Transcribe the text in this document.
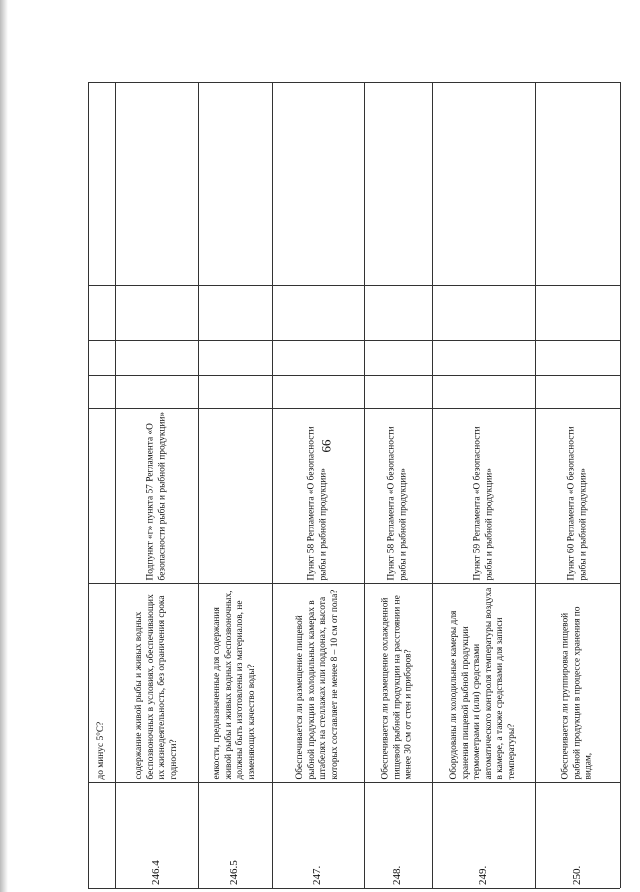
99
до минус 5°С?
246.4
содержание живой рыбы и живых водных беспозвоночных в условиях, обеспечивающих их жизнедеятельность, без ограничения срока годности?
Подпункт «г» пункта 57 Регламента «О безопасности рыбы и рыбной продукции»
246.5
емкости, предназначенные для содержания живой рыбы и живых водных беспозвоночных, должны быть изготовлены из материалов, не изменяющих качество воды?
247.
Обеспечивается ли размещение пищевой рыбной продукции в холодильных камерах в штабелях на стеллажах или поддонах, высота которых составляет не менее 8 – 10 см от пола?
Пункт 58 Регламента «О безопасности рыбы и рыбной продукции»
248.
Обеспечивается ли размещение охлажденной пищевой рыбной продукции на расстоянии не менее 30 см от стен и приборов?
Пункт 58 Регламента «О безопасности рыбы и рыбной продукции»
249.
Оборудованы ли холодильные камеры для хранения пищевой рыбной продукции термометрами и (или) средствами автоматического контроля температуры воздуха в камере, а также средствами для записи температуры?
Пункт 59 Регламента «О безопасности рыбы и рыбной продукции»
250.
Обеспечивается ли группировка пищевой рыбной продукции в процессе хранения по видам,
Пункт 60 Регламента «О безопасности рыбы и рыбной продукции»
